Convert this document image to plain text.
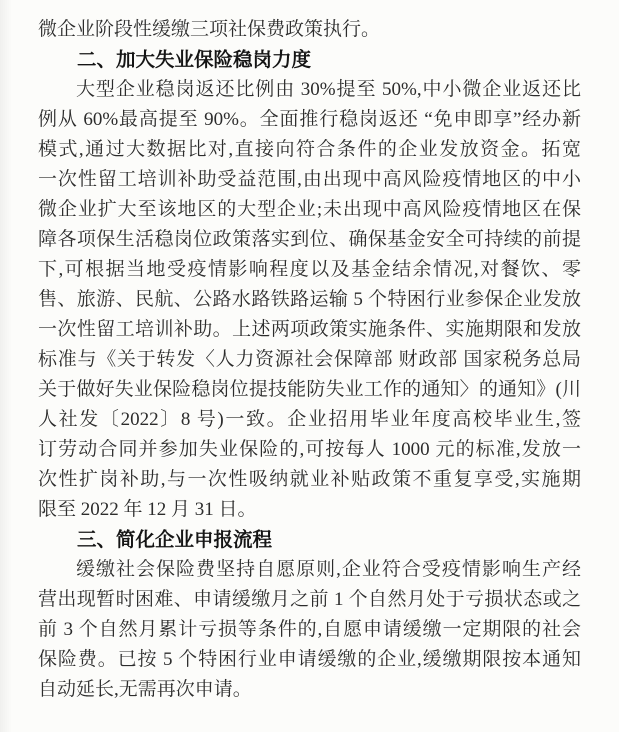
微企业阶段性缓缴三项社保费政策执行。
二、加大失业保险稳岗力度
大型企业稳岗返还比例由 30%提至 50%,中小微企业返还比
例从 60%最高提至 90%。全面推行稳岗返还 “免申即享”经办新
模式,通过大数据比对,直接向符合条件的企业发放资金。拓宽
一次性留工培训补助受益范围,由出现中高风险疫情地区的中小
微企业扩大至该地区的大型企业;未出现中高风险疫情地区在保
障各项保生活稳岗位政策落实到位、确保基金安全可持续的前提
下,可根据当地受疫情影响程度以及基金结余情况,对餐饮、零
售、旅游、民航、公路水路铁路运输 5 个特困行业参保企业发放
一次性留工培训补助。上述两项政策实施条件、实施期限和发放
标准与《关于转发〈人力资源社会保障部 财政部 国家税务总局
关于做好失业保险稳岗位提技能防失业工作的通知〉的通知》(川
人社发〔2022〕8 号)一致。企业招用毕业年度高校毕业生,签
订劳动合同并参加失业保险的,可按每人 1000 元的标准,发放一
次性扩岗补助,与一次性吸纳就业补贴政策不重复享受,实施期
限至 2022 年 12 月 31 日。
三、简化企业申报流程
缓缴社会保险费坚持自愿原则,企业符合受疫情影响生产经
营出现暂时困难、申请缓缴月之前 1 个自然月处于亏损状态或之
前 3 个自然月累计亏损等条件的,自愿申请缓缴一定期限的社会
保险费。已按 5 个特困行业申请缓缴的企业,缓缴期限按本通知
自动延长,无需再次申请。
